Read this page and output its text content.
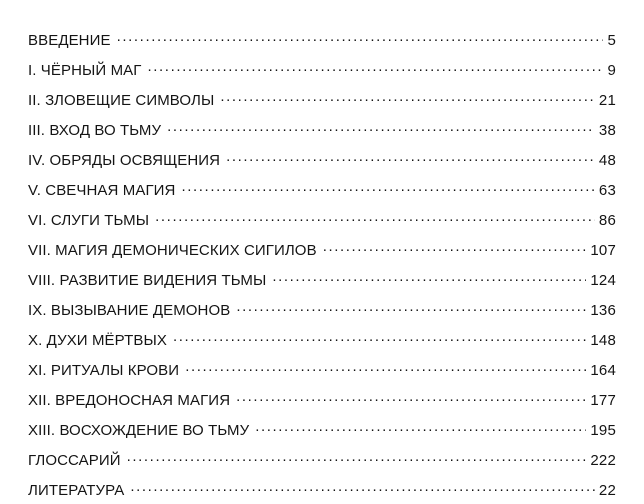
ВВЕДЕНИЕ .....	5
I. ЧЁРНЫЙ МАГ .....	9
II. ЗЛОВЕЩИЕ СИМВОЛЫ .....	21
III. ВХОД ВО ТЬМУ .....	38
IV. ОБРЯДЫ ОСВЯЩЕНИЯ .....	48
V. СВЕЧНАЯ МАГИЯ .....	63
VI. СЛУГИ ТЬМЫ .....	86
VII. МАГИЯ ДЕМОНИЧЕСКИХ СИГИЛОВ .....	107
VIII. РАЗВИТИЕ ВИДЕНИЯ ТЬМЫ .....	124
IX. ВЫЗЫВАНИЕ ДЕМОНОВ .....	136
X. ДУХИ МЁРТВЫХ .....	148
XI. РИТУАЛЫ КРОВИ .....	164
XII. ВРЕДОНОСНАЯ МАГИЯ .....	177
XIII. ВОСХОЖДЕНИЕ ВО ТЬМУ .....	195
ГЛОССАРИЙ .....	222
ЛИТЕРАТУРА .....	22
